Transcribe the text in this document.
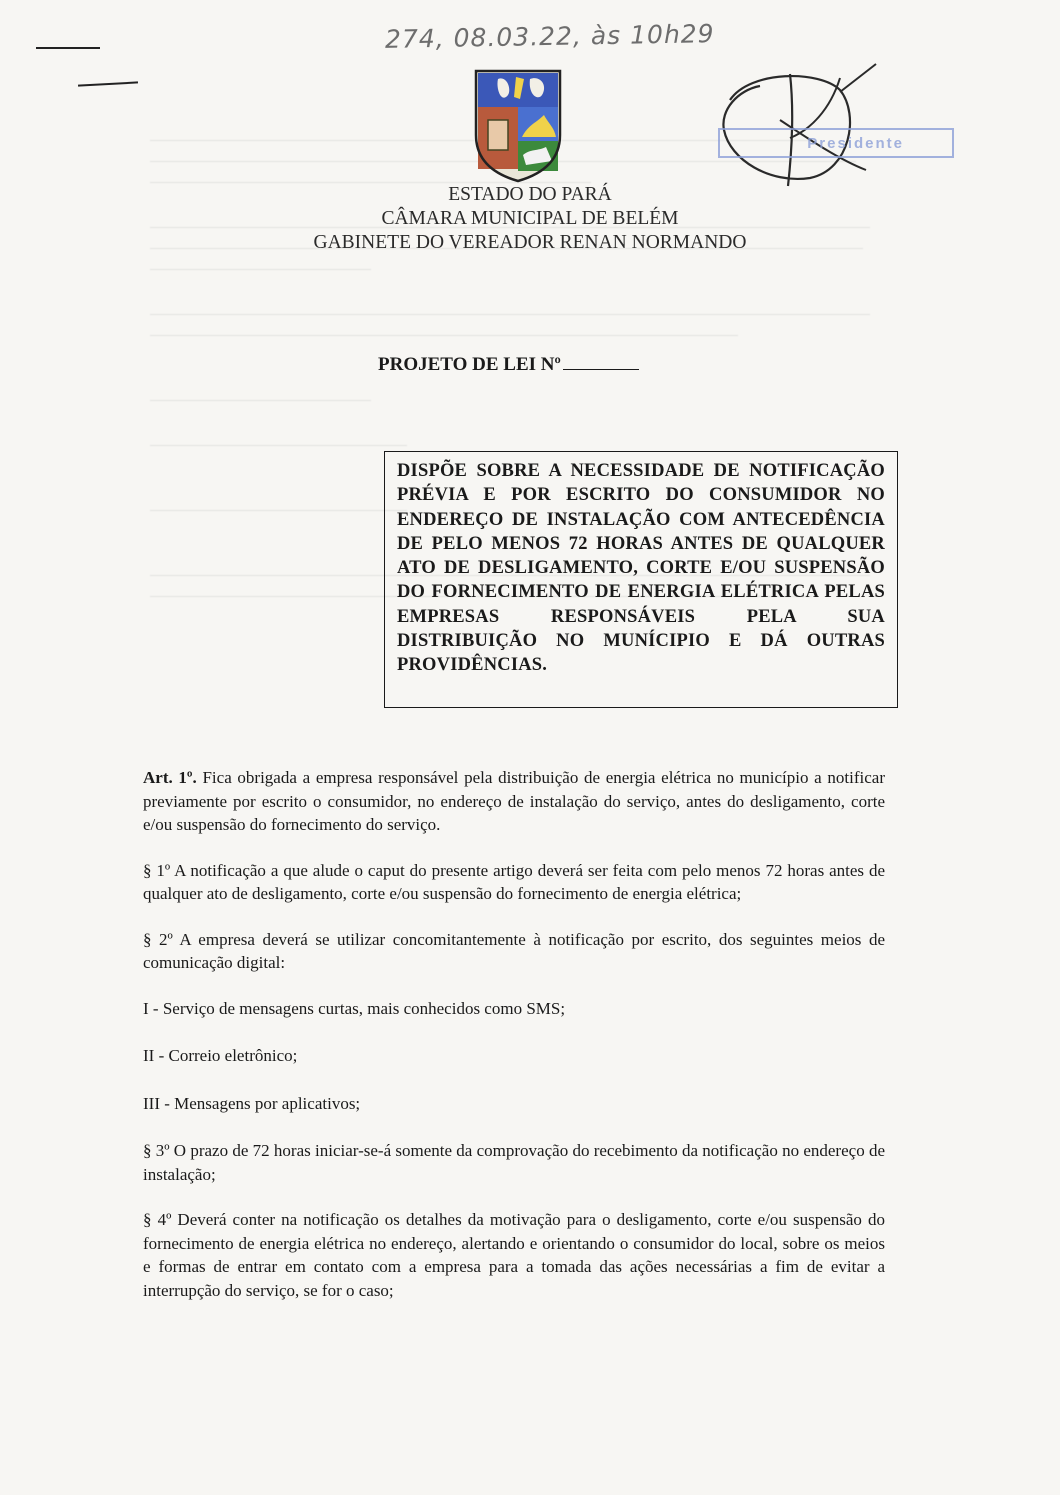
274, 08.03.22, às 10h29
Presidente
ESTADO DO PARÁ
CÂMARA MUNICIPAL DE BELÉM
GABINETE DO VEREADOR RENAN NORMANDO
PROJETO DE LEI Nº

DISPÕE SOBRE A NECESSIDADE DE NOTIFICAÇÃO PRÉVIA E POR ESCRITO DO CONSUMIDOR NO ENDEREÇO DE INSTALAÇÃO COM ANTECEDÊNCIA DE PELO MENOS 72 HORAS ANTES DE QUALQUER ATO DE DESLIGAMENTO, CORTE E/OU SUSPENSÃO DO FORNECIMENTO DE ENERGIA ELÉTRICA PELAS EMPRESAS RESPONSÁVEIS PELA SUA DISTRIBUIÇÃO NO MUNÍCIPIO E DÁ OUTRAS PROVIDÊNCIAS.

Art. 1º. Fica obrigada a empresa responsável pela distribuição de energia elétrica no município a notificar previamente por escrito o consumidor, no endereço de instalação do serviço, antes do desligamento, corte e/ou suspensão do fornecimento do serviço.

§ 1º A notificação a que alude o caput do presente artigo deverá ser feita com pelo menos 72 horas antes de qualquer ato de desligamento, corte e/ou suspensão do fornecimento de energia elétrica;

§ 2º A empresa deverá se utilizar concomitantemente à notificação por escrito, dos seguintes meios de comunicação digital:

I - Serviço de mensagens curtas, mais conhecidos como SMS;

II - Correio eletrônico;

III - Mensagens por aplicativos;

§ 3º O prazo de 72 horas iniciar-se-á somente da comprovação do recebimento da notificação no endereço de instalação;

§ 4º Deverá conter na notificação os detalhes da motivação para o desligamento, corte e/ou suspensão do fornecimento de energia elétrica no endereço, alertando e orientando o consumidor do local, sobre os meios e formas de entrar em contato com a empresa para a tomada das ações necessárias a fim de evitar a interrupção do serviço, se for o caso;
